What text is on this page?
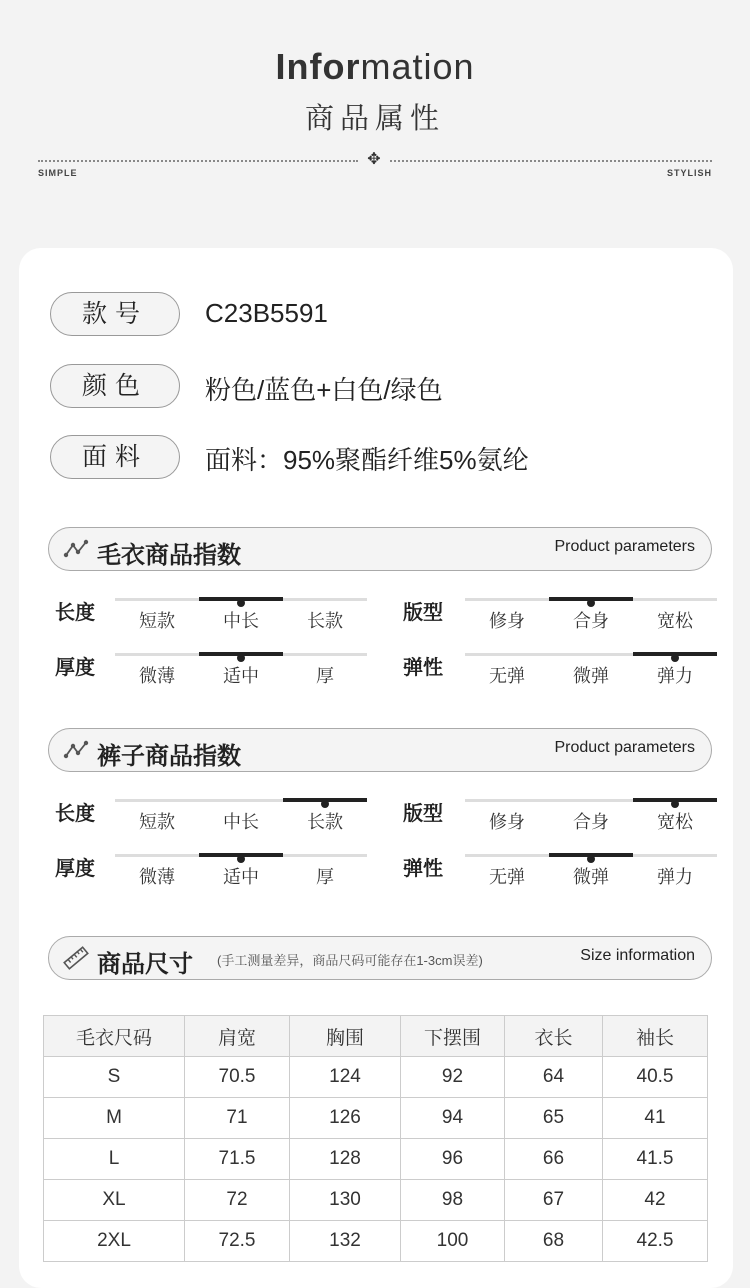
Information
商品属性
✥
SIMPLE	STYLISH
款号	C23B5591
颜色	粉色/蓝色+白色/绿色
面料	面料：95%聚酯纤维5%氨纶
毛衣商品指数	Product parameters
长度	短款	中长	长款	版型	修身	合身	宽松
厚度	微薄	适中	厚	弹性	无弹	微弹	弹力
裤子商品指数	Product parameters
长度	短款	中长	长款	版型	修身	合身	宽松
厚度	微薄	适中	厚	弹性	无弹	微弹	弹力
商品尺寸 (手工测量差异，商品尺码可能存在1-3cm误差)	Size information
毛衣尺码	肩宽	胸围	下摆围	衣长	袖长
S	70.5	124	92	64	40.5
M	71	126	94	65	41
L	71.5	128	96	66	41.5
XL	72	130	98	67	42
2XL	72.5	132	100	68	42.5
